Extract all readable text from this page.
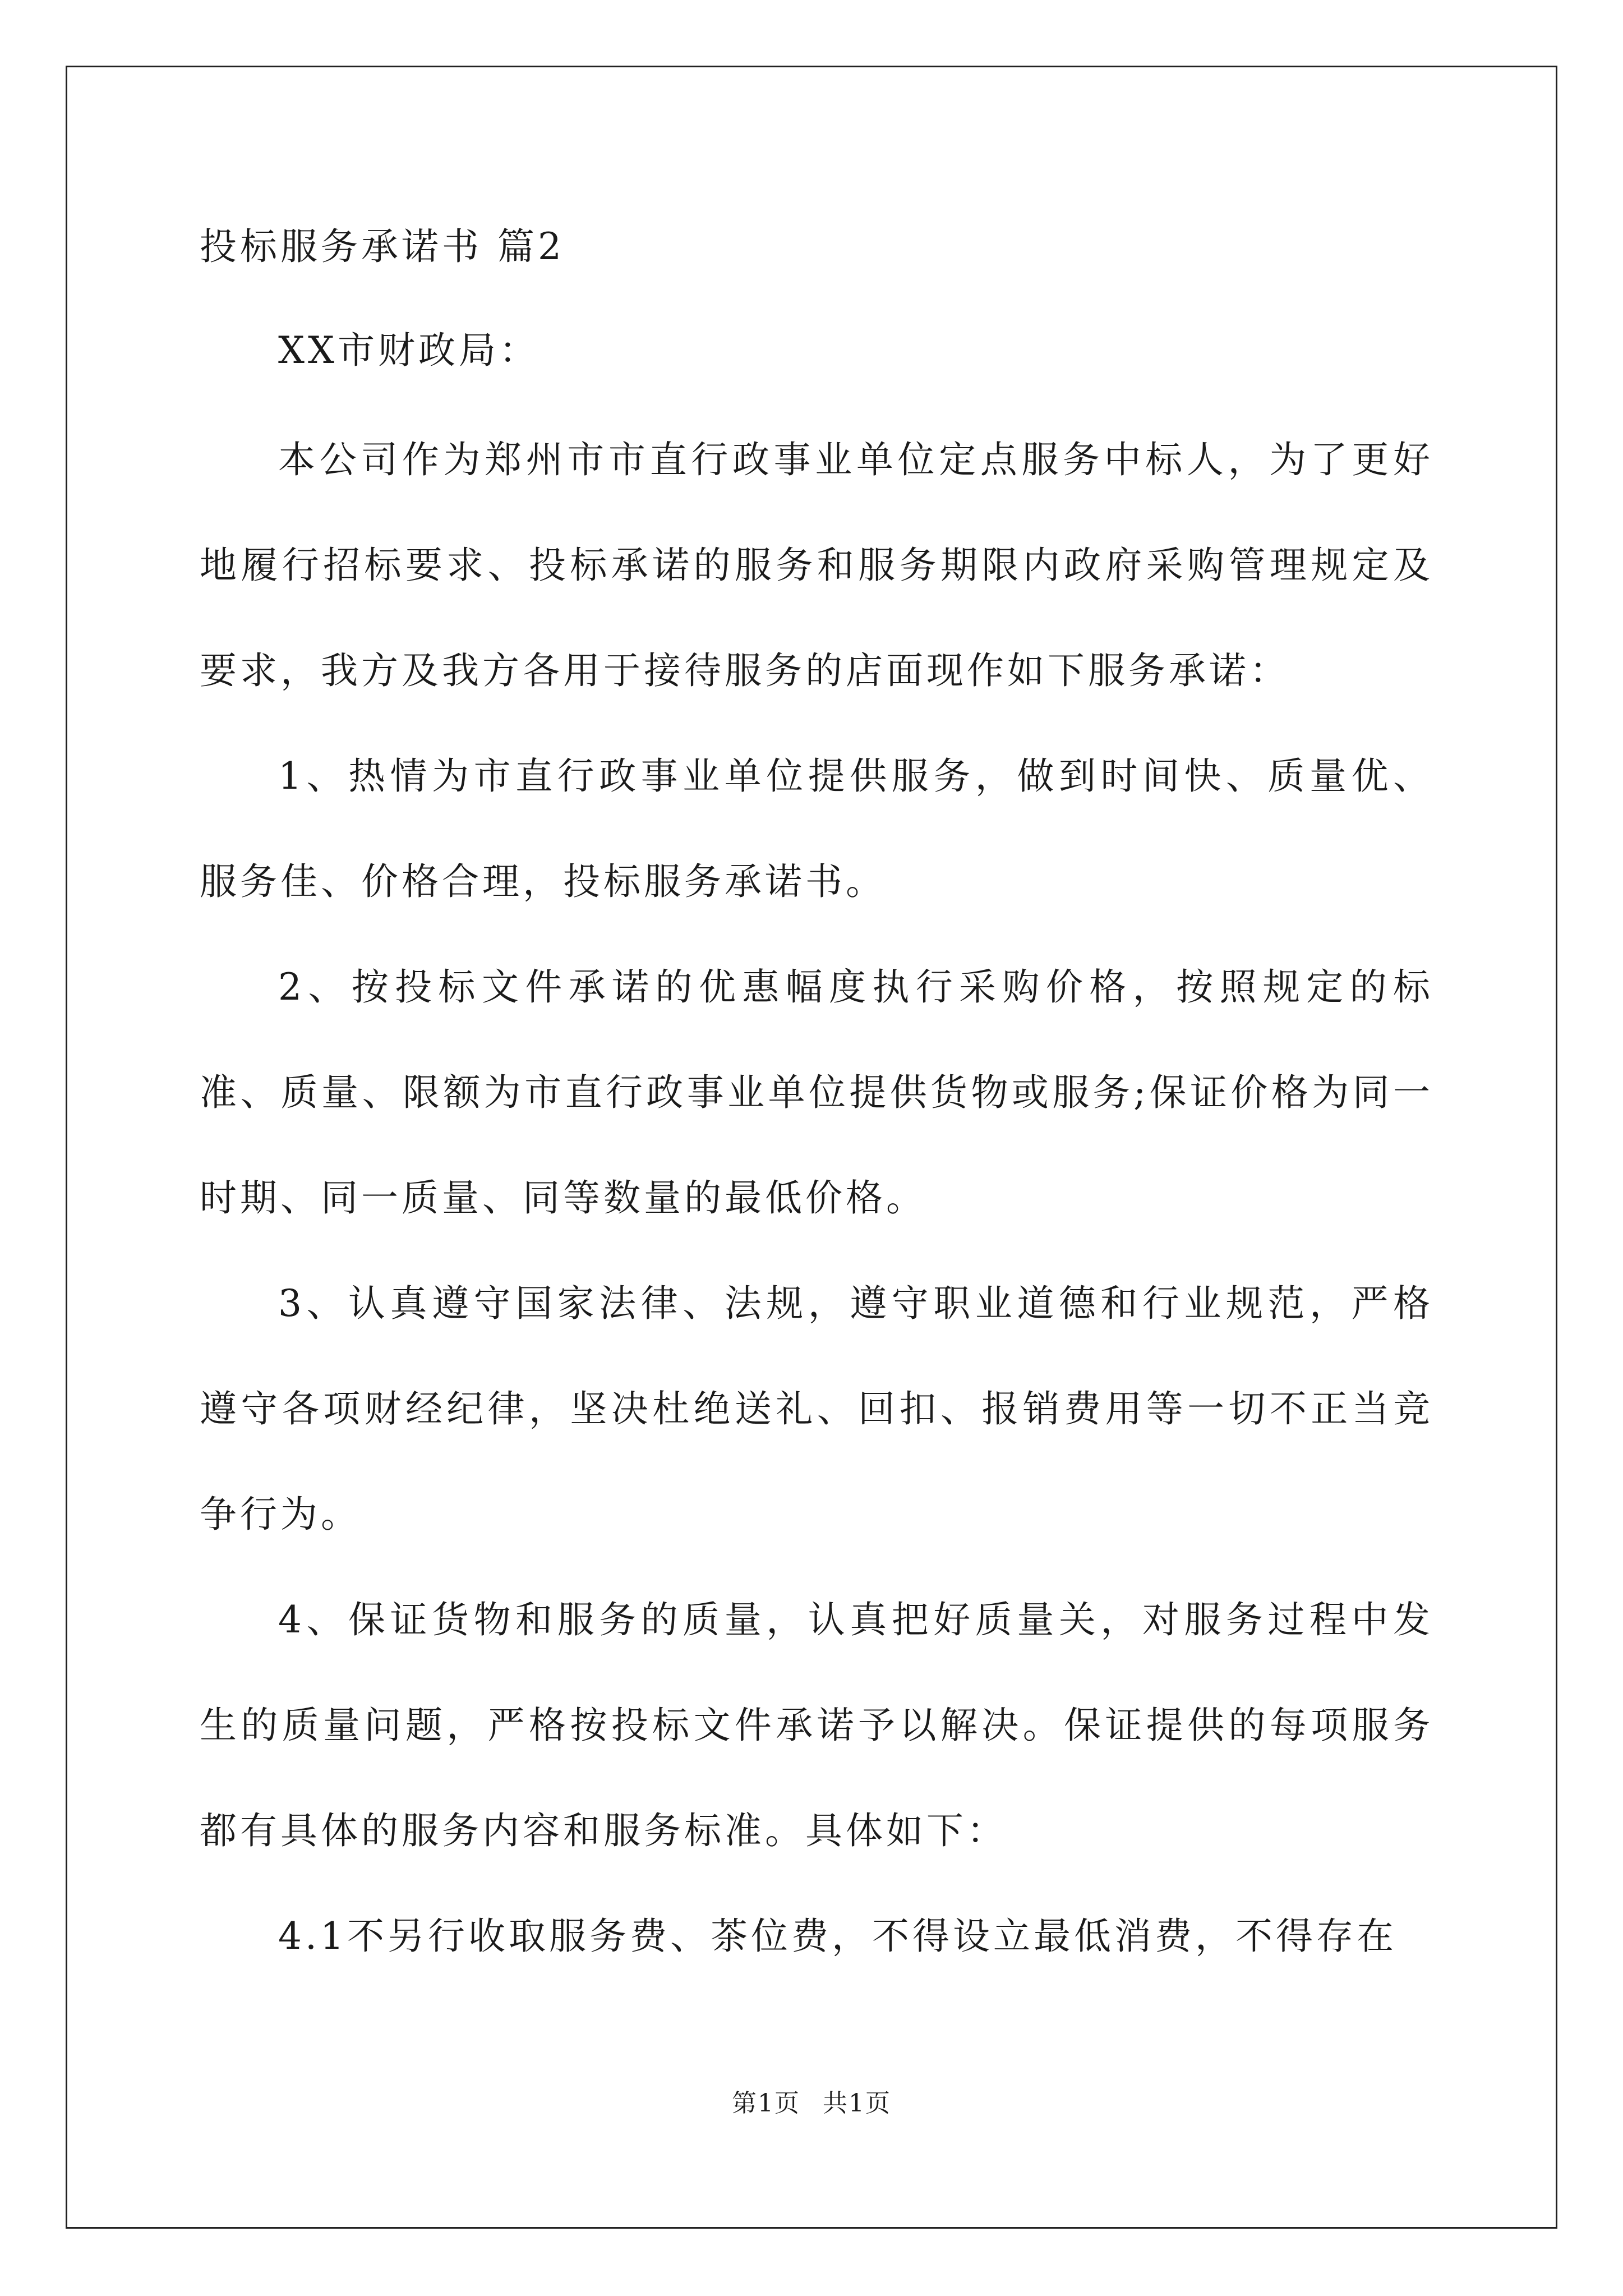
投标服务承诺书 篇2

XX市财政局：

本公司作为郑州市市直行政事业单位定点服务中标人，为了更好地履行招标要求、投标承诺的服务和服务期限内政府采购管理规定及要求，我方及我方各用于接待服务的店面现作如下服务承诺：

1、热情为市直行政事业单位提供服务，做到时间快、质量优、服务佳、价格合理，投标服务承诺书。

2、按投标文件承诺的优惠幅度执行采购价格，按照规定的标准、质量、限额为市直行政事业单位提供货物或服务;保证价格为同一时期、同一质量、同等数量的最低价格。

3、认真遵守国家法律、法规，遵守职业道德和行业规范，严格遵守各项财经纪律，坚决杜绝送礼、回扣、报销费用等一切不正当竞争行为。

4、保证货物和服务的质量，认真把好质量关，对服务过程中发生的质量问题，严格按投标文件承诺予以解决。保证提供的每项服务都有具体的服务内容和服务标准。具体如下：

4.1不另行收取服务费、茶位费，不得设立最低消费，不得存在

第1页 共1页
